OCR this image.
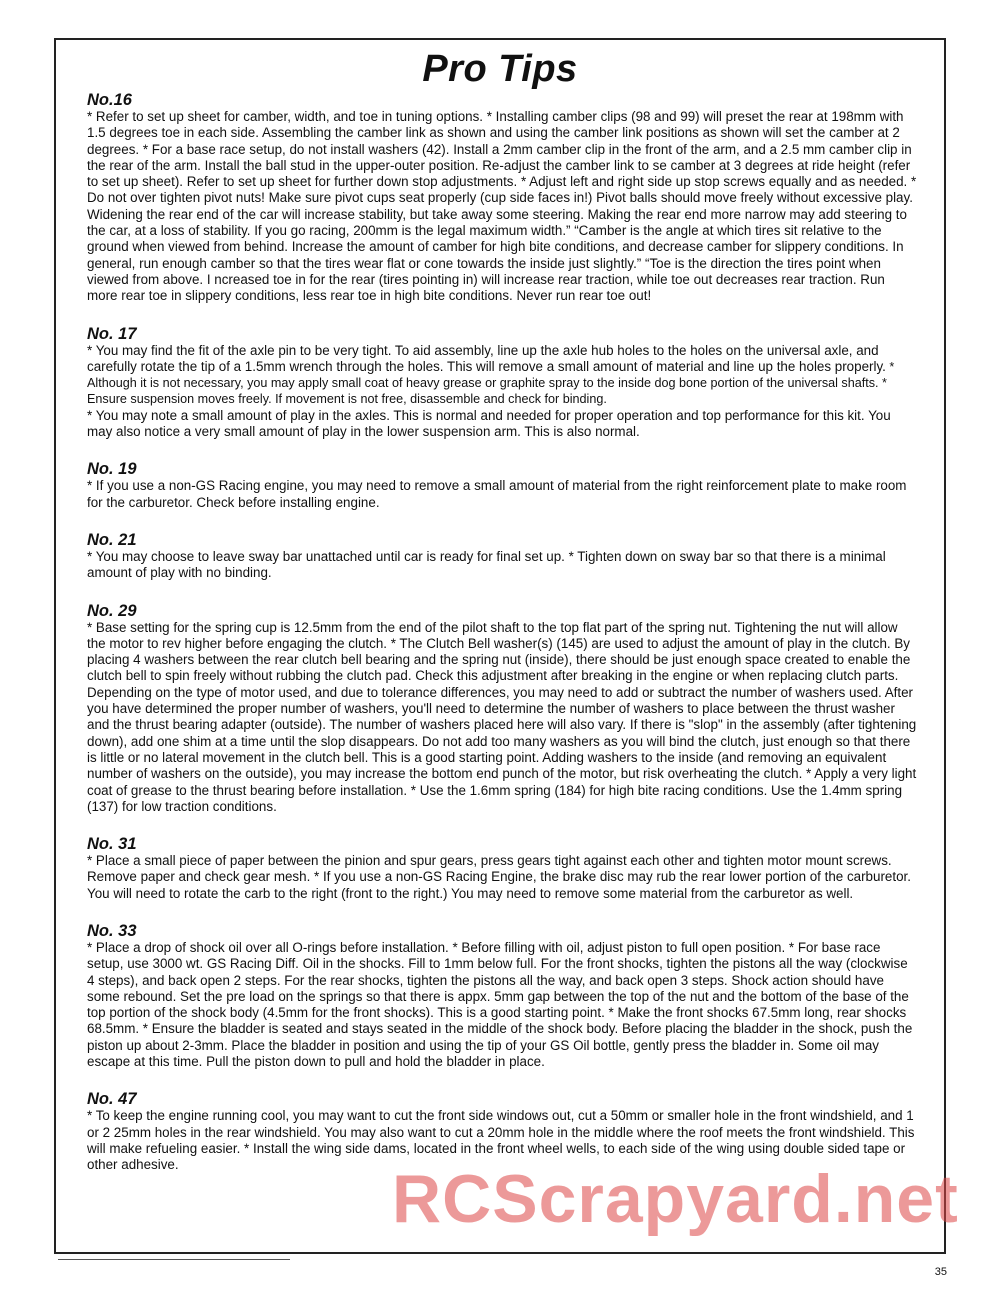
Pro Tips

No.16

* Refer to set up sheet for camber, width, and toe in tuning options. * Installing camber clips (98 and 99) will preset the rear at 198mm with 1.5 degrees toe in each side. Assembling the camber link as shown and using the camber link positions as shown will set the camber at 2 degrees. * For a base race setup, do not install washers (42). Install a 2mm camber clip in the front of the arm, and a 2.5 mm camber clip in the rear of the arm. Install the ball stud in the upper-outer position. Re-adjust the camber link to se camber at 3 degrees at ride height (refer to set up sheet). Refer to set up sheet for further down stop adjustments. * Adjust left and right side up stop screws equally and as needed. * Do not over tighten pivot nuts! Make sure pivot cups seat properly (cup side faces in!) Pivot balls should move freely without excessive play. Widening the rear end of the car will increase stability, but take away some steering. Making the rear end more narrow may add steering to the car, at a loss of stability. If you go racing, 200mm is the legal maximum width.” “Camber is the angle at which tires sit relative to the ground when viewed from behind. Increase the amount of camber for high bite conditions, and decrease camber for slippery conditions. In general, run enough camber so that the tires wear flat or cone towards the inside just slightly.” “Toe is the direction the tires point when viewed from above. I ncreased toe in for the rear (tires pointing in) will increase rear traction, while toe out decreases rear traction. Run more rear toe in slippery conditions, less rear toe in high bite conditions. Never run rear toe out!

No. 17

* You may find the fit of the axle pin to be very tight. To aid assembly, line up the axle hub holes to the holes on the universal axle, and carefully rotate the tip of a 1.5mm wrench through the holes. This will remove a small amount of material and line up the holes properly. * Although it is not necessary, you may apply small coat of heavy grease or graphite spray to the inside dog bone portion of the universal shafts. * Ensure suspension moves freely. If movement is not free, disassemble and check for binding.

* You may note a small amount of play in the axles. This is normal and needed for proper operation and top performance for this kit. You may also notice a very small amount of play in the lower suspension arm. This is also normal.

No. 19

* If you use a non-GS Racing engine, you may need to remove a small amount of material from the right reinforcement plate to make room for the carburetor. Check before installing engine.

No. 21

* You may choose to leave sway bar unattached until car is ready for final set up. * Tighten down on sway bar so that there is a minimal amount of play with no binding.

No. 29

* Base setting for the spring cup is 12.5mm from the end of the pilot shaft to the top flat part of the spring nut. Tightening the nut will allow the motor to rev higher before engaging the clutch. * The Clutch Bell washer(s) (145) are used to adjust the amount of play in the clutch. By placing 4 washers between the rear clutch bell bearing and the spring nut (inside), there should be just enough space created to enable the clutch bell to spin freely without rubbing the clutch pad. Check this adjustment after breaking in the engine or when replacing clutch parts. Depending on the type of motor used, and due to tolerance differences, you may need to add or subtract the number of washers used. After you have determined the proper number of washers, you'll need to determine the number of washers to place between the thrust washer and the thrust bearing adapter (outside). The number of washers placed here will also vary. If there is "slop" in the assembly (after tightening down), add one shim at a time until the slop disappears. Do not add too many washers as you will bind the clutch, just enough so that there is little or no lateral movement in the clutch bell. This is a good starting point. Adding washers to the inside (and removing an equivalent number of washers on the outside), you may increase the bottom end punch of the motor, but risk overheating the clutch. * Apply a very light coat of grease to the thrust bearing before installation. * Use the 1.6mm spring (184) for high bite racing conditions. Use the 1.4mm spring (137) for low traction conditions.

No. 31

* Place a small piece of paper between the pinion and spur gears, press gears tight against each other and tighten motor mount screws. Remove paper and check gear mesh. * If you use a non-GS Racing Engine, the brake disc may rub the rear lower portion of the carburetor. You will need to rotate the carb to the right (front to the right.) You may need to remove some material from the carburetor as well.

No. 33

* Place a drop of shock oil over all O-rings before installation. * Before filling with oil, adjust piston to full open position. * For base race setup, use 3000 wt. GS Racing Diff. Oil in the shocks. Fill to 1mm below full. For the front shocks, tighten the pistons all the way (clockwise 4 steps), and back open 2 steps. For the rear shocks, tighten the pistons all the way, and back open 3 steps. Shock action should have some rebound. Set the pre load on the springs so that there is appx. 5mm gap between the top of the nut and the bottom of the base of the top portion of the shock body (4.5mm for the front shocks). This is a good starting point. * Make the front shocks 67.5mm long, rear shocks 68.5mm. * Ensure the bladder is seated and stays seated in the middle of the shock body. Before placing the bladder in the shock, push the piston up about 2-3mm. Place the bladder in position and using the tip of your GS Oil bottle, gently press the bladder in. Some oil may escape at this time. Pull the piston down to pull and hold the bladder in place.

No. 47

* To keep the engine running cool, you may want to cut the front side windows out, cut a 50mm or smaller hole in the front windshield, and 1 or 2 25mm holes in the rear windshield. You may also want to cut a 20mm hole in the middle where the roof meets the front windshield. This will make refueling easier. * Install the wing side dams, located in the front wheel wells, to each side of the wing using double sided tape or other adhesive.	RCScrapyard.net
35
